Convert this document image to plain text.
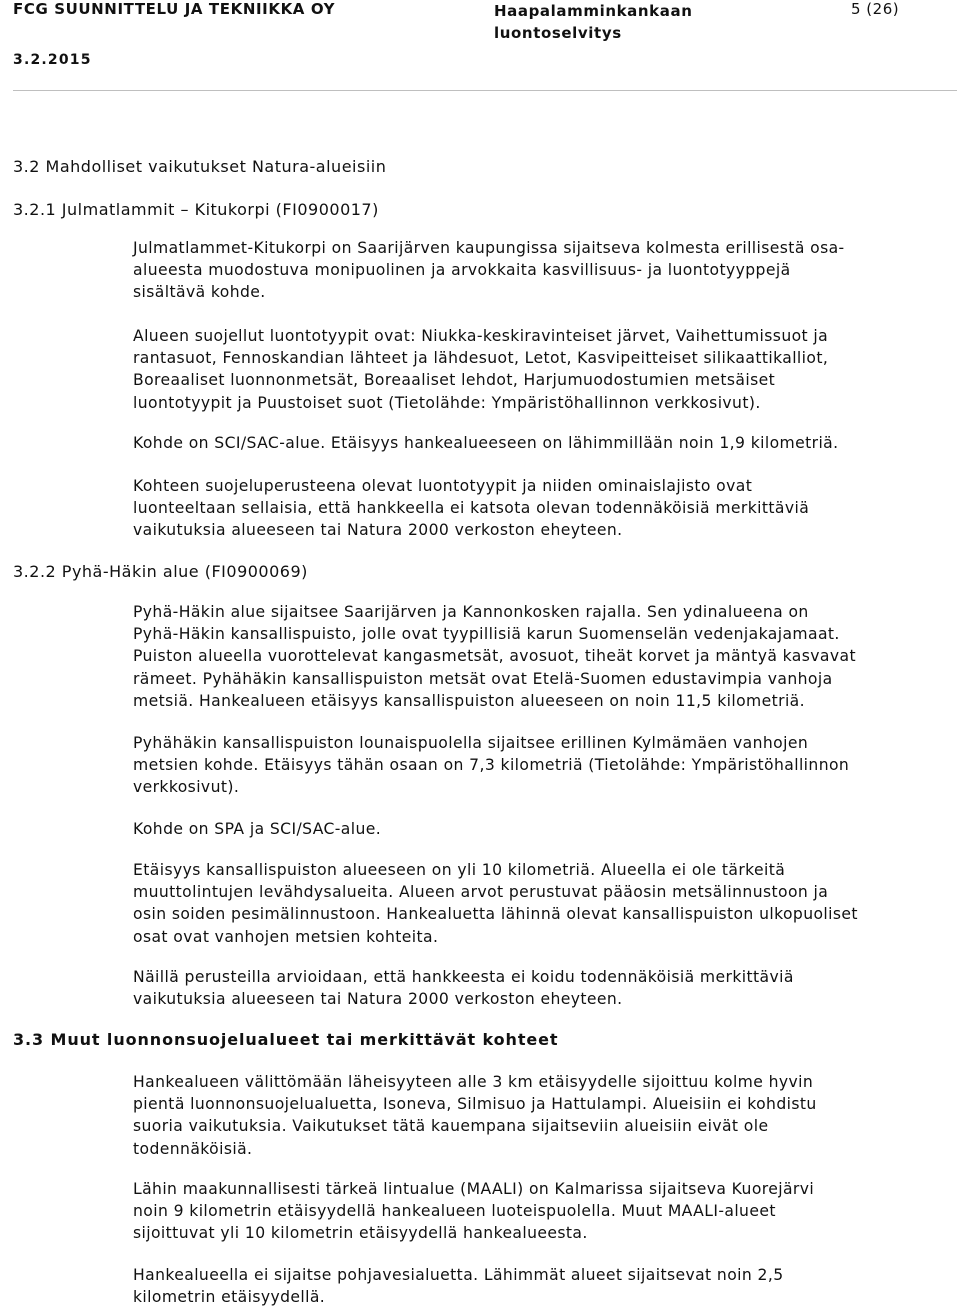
FCG SUUNNITTELU JA TEKNIIKKA OY	Haapalamminkankaan
luontoselvitys
5 (26)
3.2.2015
3.2 Mahdolliset vaikutukset Natura-alueisiin
3.2.1 Julmatlammit – Kitukorpi (FI0900017)
Julmatlammet-Kitukorpi on Saarijärven kaupungissa sijaitseva kolmesta erillisestä osa-
alueesta muodostuva monipuolinen ja arvokkaita kasvillisuus- ja luontotyyppejä
sisältävä kohde.
Alueen suojellut luontotyypit ovat: Niukka-keskiravinteiset järvet, Vaihettumissuot ja
rantasuot, Fennoskandian lähteet ja lähdesuot, Letot, Kasvipeitteiset silikaattikalliot,
Boreaaliset luonnonmetsät, Boreaaliset lehdot, Harjumuodostumien metsäiset
luontotyypit ja Puustoiset suot (Tietolähde: Ympäristöhallinnon verkkosivut).
Kohde on SCI/SAC-alue. Etäisyys hankealueeseen on lähimmillään noin 1,9 kilometriä.
Kohteen suojeluperusteena olevat luontotyypit ja niiden ominaislajisto ovat
luonteeltaan sellaisia, että hankkeella ei katsota olevan todennäköisiä merkittäviä
vaikutuksia alueeseen tai Natura 2000 verkoston eheyteen.
3.2.2 Pyhä-Häkin alue (FI0900069)
Pyhä-Häkin alue sijaitsee Saarijärven ja Kannonkosken rajalla. Sen ydinalueena on
Pyhä-Häkin kansallispuisto, jolle ovat tyypillisiä karun Suomenselän vedenjakajamaat.
Puiston alueella vuorottelevat kangasmetsät, avosuot, tiheät korvet ja mäntyä kasvavat
rämeet. Pyhähäkin kansallispuiston metsät ovat Etelä-Suomen edustavimpia vanhoja
metsiä. Hankealueen etäisyys kansallispuiston alueeseen on noin 11,5 kilometriä.
Pyhähäkin kansallispuiston lounaispuolella sijaitsee erillinen Kylmämäen vanhojen
metsien kohde. Etäisyys tähän osaan on 7,3 kilometriä (Tietolähde: Ympäristöhallinnon
verkkosivut).
Kohde on SPA ja SCI/SAC-alue.
Etäisyys kansallispuiston alueeseen on yli 10 kilometriä. Alueella ei ole tärkeitä
muuttolintujen levähdysalueita. Alueen arvot perustuvat pääosin metsälinnustoon ja
osin soiden pesimälinnustoon. Hankealuetta lähinnä olevat kansallispuiston ulkopuoliset
osat ovat vanhojen metsien kohteita.
Näillä perusteilla arvioidaan, että hankkeesta ei koidu todennäköisiä merkittäviä
vaikutuksia alueeseen tai Natura 2000 verkoston eheyteen.
3.3 Muut luonnonsuojelualueet tai merkittävät kohteet
Hankealueen välittömään läheisyyteen alle 3 km etäisyydelle sijoittuu kolme hyvin
pientä luonnonsuojelualuetta, Isoneva, Silmisuo ja Hattulampi. Alueisiin ei kohdistu
suoria vaikutuksia. Vaikutukset tätä kauempana sijaitseviin alueisiin eivät ole
todennäköisiä.
Lähin maakunnallisesti tärkeä lintualue (MAALI) on Kalmarissa sijaitseva Kuorejärvi
noin 9 kilometrin etäisyydellä hankealueen luoteispuolella. Muut MAALI-alueet
sijoittuvat yli 10 kilometrin etäisyydellä hankealueesta.
Hankealueella ei sijaitse pohjavesialuetta. Lähimmät alueet sijaitsevat noin 2,5
kilometrin etäisyydellä.
